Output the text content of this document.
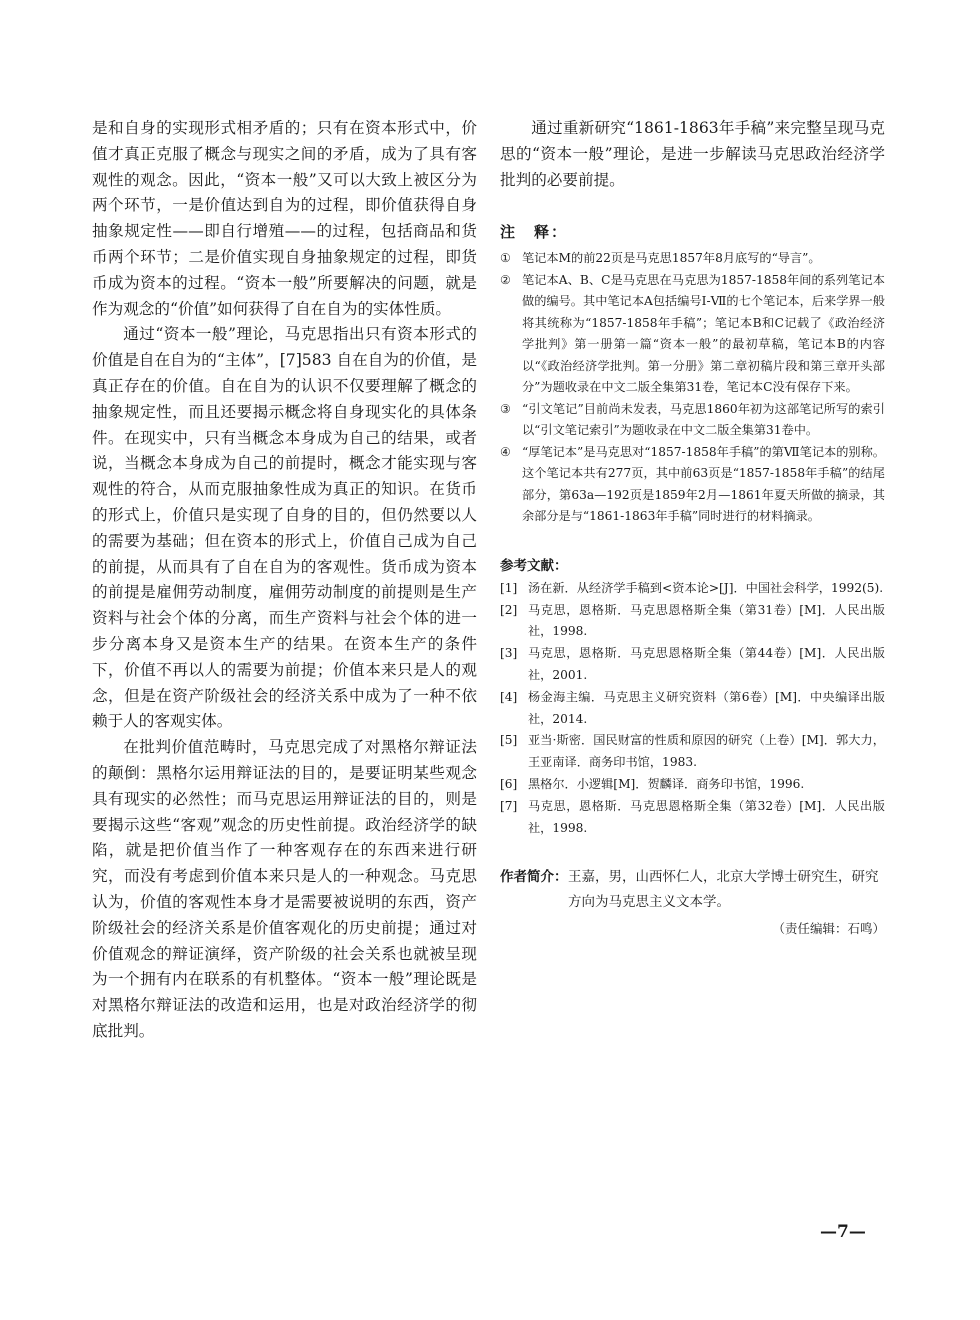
是和自身的实现形式相矛盾的；只有在资本形式中，价值才真正克服了概念与现实之间的矛盾，成为了具有客观性的观念。因此，“资本一般”又可以大致上被区分为两个环节，一是价值达到自为的过程，即价值获得自身抽象规定性——即自行增殖——的过程，包括商品和货币两个环节；二是价值实现自身抽象规定的过程，即货币成为资本的过程。“资本一般”所要解决的问题，就是作为观念的“价值”如何获得了自在自为的实体性质。

通过“资本一般”理论，马克思指出只有资本形式的价值是自在自为的“主体”，[7]583 自在自为的价值，是真正存在的价值。自在自为的认识不仅要理解了概念的抽象规定性，而且还要揭示概念将自身现实化的具体条件。在现实中，只有当概念本身成为自己的结果，或者说，当概念本身成为自己的前提时，概念才能实现与客观性的符合，从而克服抽象性成为真正的知识。在货币的形式上，价值只是实现了自身的目的，但仍然要以人的需要为基础；但在资本的形式上，价值自己成为自己的前提，从而具有了自在自为的客观性。货币成为资本的前提是雇佣劳动制度，雇佣劳动制度的前提则是生产资料与社会个体的分离，而生产资料与社会个体的进一步分离本身又是资本生产的结果。在资本生产的条件下，价值不再以人的需要为前提；价值本来只是人的观念，但是在资产阶级社会的经济关系中成为了一种不依赖于人的客观实体。

在批判价值范畴时，马克思完成了对黑格尔辩证法的颠倒：黑格尔运用辩证法的目的，是要证明某些观念具有现实的必然性；而马克思运用辩证法的目的，则是要揭示这些“客观”观念的历史性前提。政治经济学的缺陷，就是把价值当作了一种客观存在的东西来进行研究，而没有考虑到价值本来只是人的一种观念。马克思认为，价值的客观性本身才是需要被说明的东西，资产阶级社会的经济关系是价值客观化的历史前提；通过对价值观念的辩证演绎，资产阶级的社会关系也就被呈现为一个拥有内在联系的有机整体。“资本一般”理论既是对黑格尔辩证法的改造和运用，也是对政治经济学的彻底批判。

通过重新研究“1861-1863年手稿”来完整呈现马克思的“资本一般”理论，是进一步解读马克思政治经济学批判的必要前提。

注　释：
① 笔记本M的前22页是马克思1857年8月底写的“导言”。
② 笔记本A、B、C是马克思在马克思为1857-1858年间的系列笔记本做的编号。其中笔记本A包括编号Ⅰ-Ⅶ的七个笔记本，后来学界一般将其统称为“1857-1858年手稿”；笔记本B和C记载了《政治经济学批判》第一册第一篇“资本一般”的最初草稿，笔记本B的内容以“《政治经济学批判。第一分册》第二章初稿片段和第三章开头部分”为题收录在中文二版全集第31卷，笔记本C没有保存下来。
③ “引文笔记”目前尚未发表，马克思1860年初为这部笔记所写的索引以“引文笔记索引”为题收录在中文二版全集第31卷中。
④ “厚笔记本”是马克思对“1857-1858年手稿”的第Ⅶ笔记本的别称。这个笔记本共有277页，其中前63页是“1857-1858年手稿”的结尾部分，第63a—192页是1859年2月—1861年夏天所做的摘录，其余部分是与“1861-1863年手稿”同时进行的材料摘录。
参考文献：
[1] 汤在新．从经济学手稿到<资本论>[J]．中国社会科学，1992(5).
[2] 马克思，恩格斯．马克思恩格斯全集（第31卷）[M]．人民出版社，1998.
[3] 马克思，恩格斯．马克思恩格斯全集（第44卷）[M]．人民出版社，2001.
[4] 杨金海主编．马克思主义研究资料（第6卷）[M]．中央编译出版社，2014.
[5] 亚当·斯密．国民财富的性质和原因的研究（上卷）[M]．郭大力，王亚南译．商务印书馆，1983.
[6] 黑格尔．小逻辑[M]．贺麟译．商务印书馆，1996.
[7] 马克思，恩格斯．马克思恩格斯全集（第32卷）[M]．人民出版社，1998.
作者简介： 王嘉，男，山西怀仁人，北京大学博士研究生，研究方向为马克思主义文本学。
（责任编辑：石鸣）
—7—
